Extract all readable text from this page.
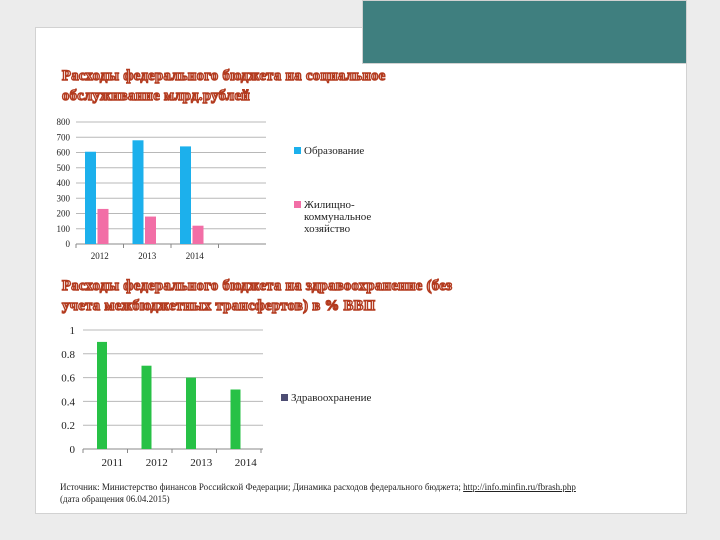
Расходы федерального бюджета на социальное обслуживание млрд.рублей
Расходы федерального бюджета на здравоохранение (без учета межбюджетных трансфертов) в % ВВП
0
100
200
300
400
500
600
700
800
2012	2013	2014
0
0.2
0.4
0.6
0.8
1
2011 2012 2013 2014
Образование
Жилищно-коммунальное хозяйство
Здравоохранение
Источник: Министерство финансов Российской Федерации; Динамика расходов федерального бюджета; http://info.minfin.ru/fbrash.php
(дата обращения 06.04.2015)
